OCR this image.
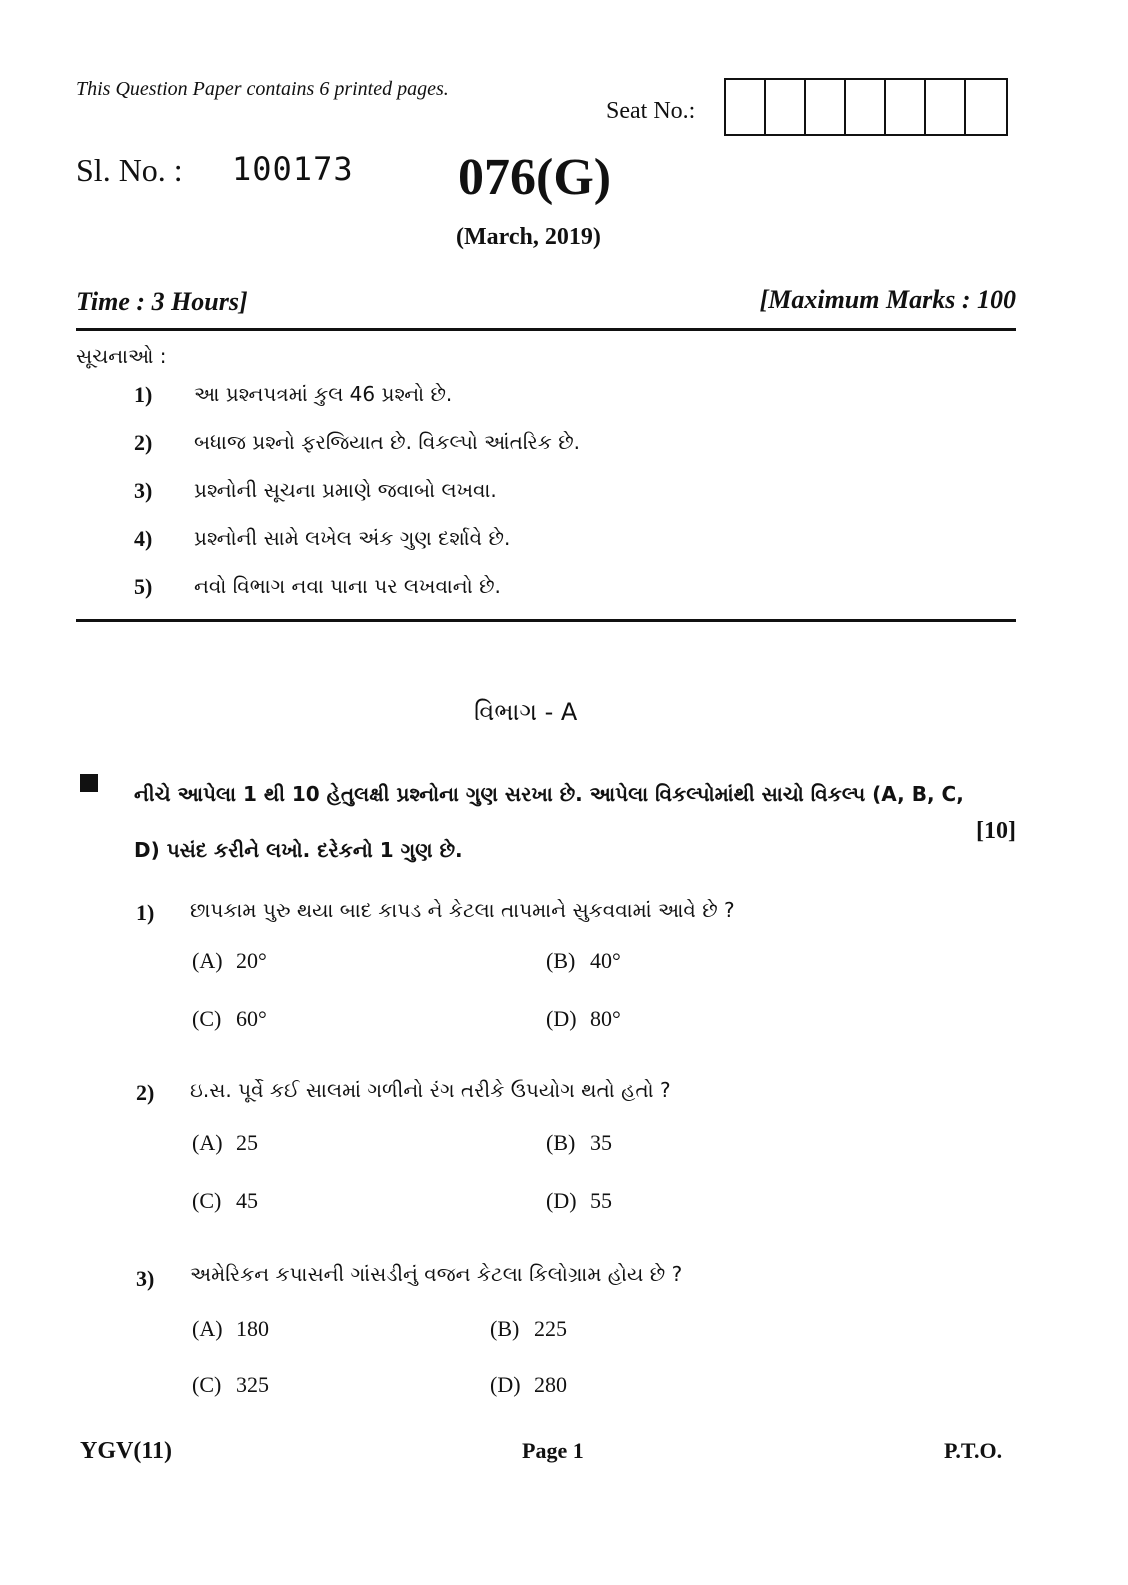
This Question Paper contains 6 printed pages.
Seat No.:
Sl. No. : 100173 076(G)
(March, 2019)
Time : 3 Hours]	[Maximum Marks : 100
સૂચનાઓ :
1)	આ પ્રશ્નપત્રમાં કુલ 46 પ્રશ્નો છે.
2)	બધાજ પ્રશ્નો ફરજિયાત છે. વિકલ્પો આંતરિક છે.
3)	પ્રશ્નોની સૂચના પ્રમાણે જવાબો લખવા.
4)	પ્રશ્નોની સામે લખેલ અંક ગુણ દર્શાવે છે.
5)	નવો વિભાગ નવા પાના પર લખવાનો છે.
વિભાગ - A
નીચે આપેલા 1 થી 10 હેતુલક્ષી પ્રશ્નોના ગુણ સરખા છે. આપેલા વિકલ્પોમાંથી સાચો વિકલ્પ (A, B, C, D) પસંદ કરીને લખો. દરેકનો 1 ગુણ છે.
[10]
1) છાપકામ પુરુ થયા બાદ કાપડ ને કેટલા તાપમાને સુકવવામાં આવે છે ?
(A) 20°	(B) 40°
(C) 60°	(D) 80°
2) ઇ.સ. પૂર્વે કઈ સાલમાં ગળીનો રંગ તરીકે ઉપયોગ થતો હતો ?
(A) 25	(B) 35
(C) 45	(D) 55
3) અમેરિકન કપાસની ગાંસડીનું વજન કેટલા કિલોગ્રામ હોય છે ?
(A) 180	(B) 225
(C) 325	(D) 280
YGV(11)	Page 1	P.T.O.
